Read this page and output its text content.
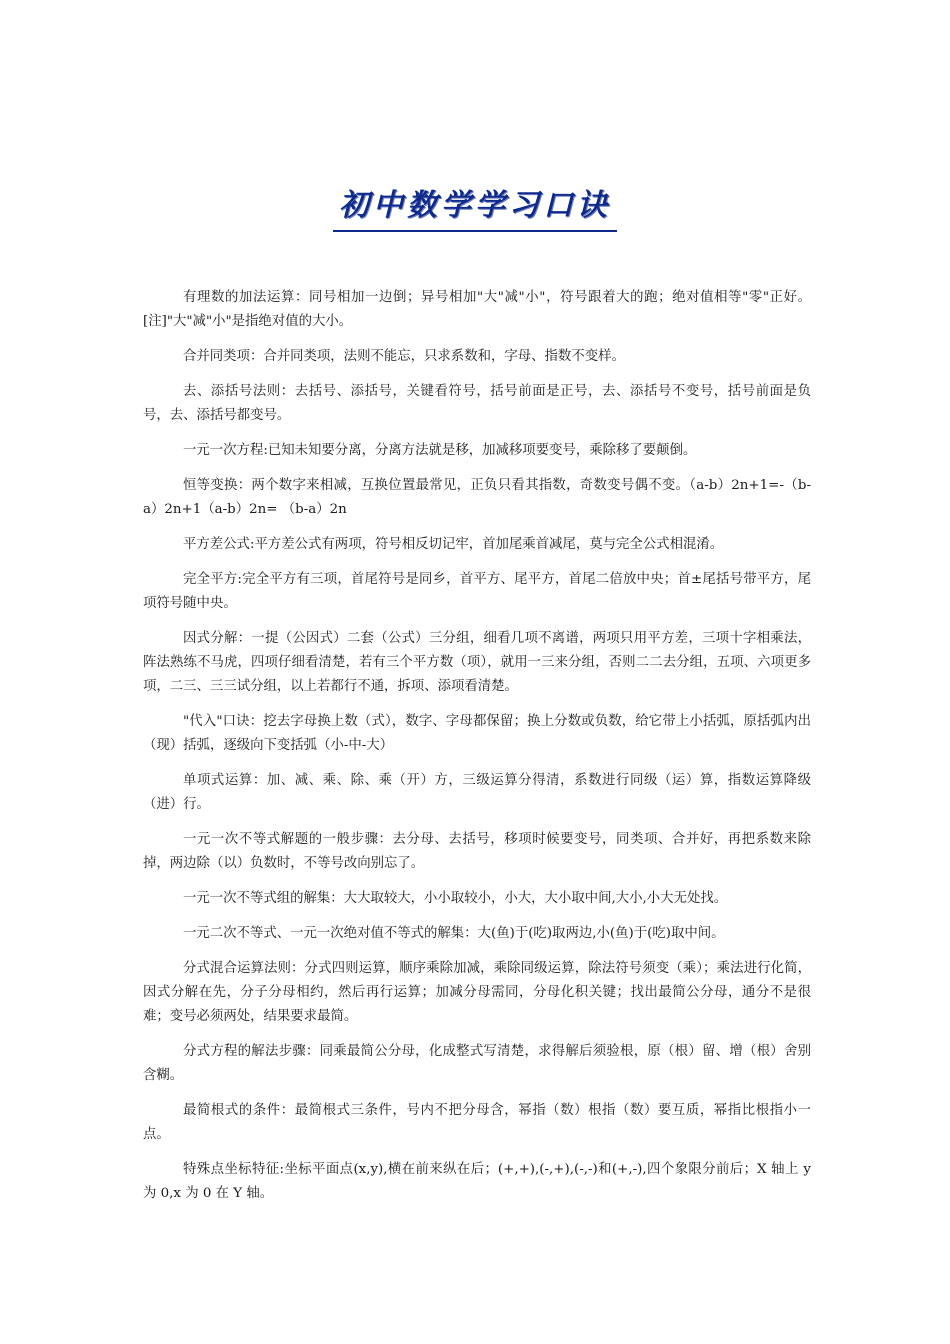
初中数学学习口诀

有理数的加法运算：同号相加一边倒；异号相加"大"减"小"，符号跟着大的跑；绝对值相等"零"正好。[注]"大"减"小"是指绝对值的大小。

合并同类项：合并同类项，法则不能忘，只求系数和，字母、指数不变样。

去、添括号法则：去括号、添括号，关键看符号，括号前面是正号，去、添括号不变号，括号前面是负号，去、添括号都变号。

一元一次方程:已知未知要分离，分离方法就是移，加减移项要变号，乘除移了要颠倒。

恒等变换：两个数字来相减，互换位置最常见，正负只看其指数，奇数变号偶不变。（a-b）2n+1=-（b-a）2n+1（a-b）2n= （b-a）2n

平方差公式:平方差公式有两项，符号相反切记牢，首加尾乘首减尾，莫与完全公式相混淆。

完全平方:完全平方有三项，首尾符号是同乡，首平方、尾平方，首尾二倍放中央；首±尾括号带平方，尾项符号随中央。

因式分解：一提（公因式）二套（公式）三分组，细看几项不离谱，两项只用平方差，三项十字相乘法，阵法熟练不马虎，四项仔细看清楚，若有三个平方数（项），就用一三来分组，否则二二去分组，五项、六项更多项，二三、三三试分组，以上若都行不通，拆项、添项看清楚。

"代入"口诀：挖去字母换上数（式），数字、字母都保留；换上分数或负数，给它带上小括弧，原括弧内出（现）括弧，逐级向下变括弧（小-中-大）

单项式运算：加、减、乘、除、乘（开）方，三级运算分得清，系数进行同级（运）算，指数运算降级（进）行。

一元一次不等式解题的一般步骤：去分母、去括号，移项时候要变号，同类项、合并好，再把系数来除掉，两边除（以）负数时，不等号改向别忘了。

一元一次不等式组的解集：大大取较大，小小取较小，小大，大小取中间,大小,小大无处找。

一元二次不等式、一元一次绝对值不等式的解集：大(鱼)于(吃)取两边,小(鱼)于(吃)取中间。

分式混合运算法则：分式四则运算，顺序乘除加减，乘除同级运算，除法符号须变（乘）；乘法进行化简，因式分解在先，分子分母相约，然后再行运算；加减分母需同，分母化积关键；找出最简公分母，通分不是很难；变号必须两处，结果要求最简。

分式方程的解法步骤：同乘最简公分母，化成整式写清楚，求得解后须验根，原（根）留、增（根）舍别含糊。

最简根式的条件：最简根式三条件，号内不把分母含，幂指（数）根指（数）要互质，幂指比根指小一点。

特殊点坐标特征:坐标平面点(x,y),横在前来纵在后；(+,+),(-,+),(-,-)和(+,-),四个象限分前后；X 轴上 y 为 0,x 为 0 在 Y 轴。
